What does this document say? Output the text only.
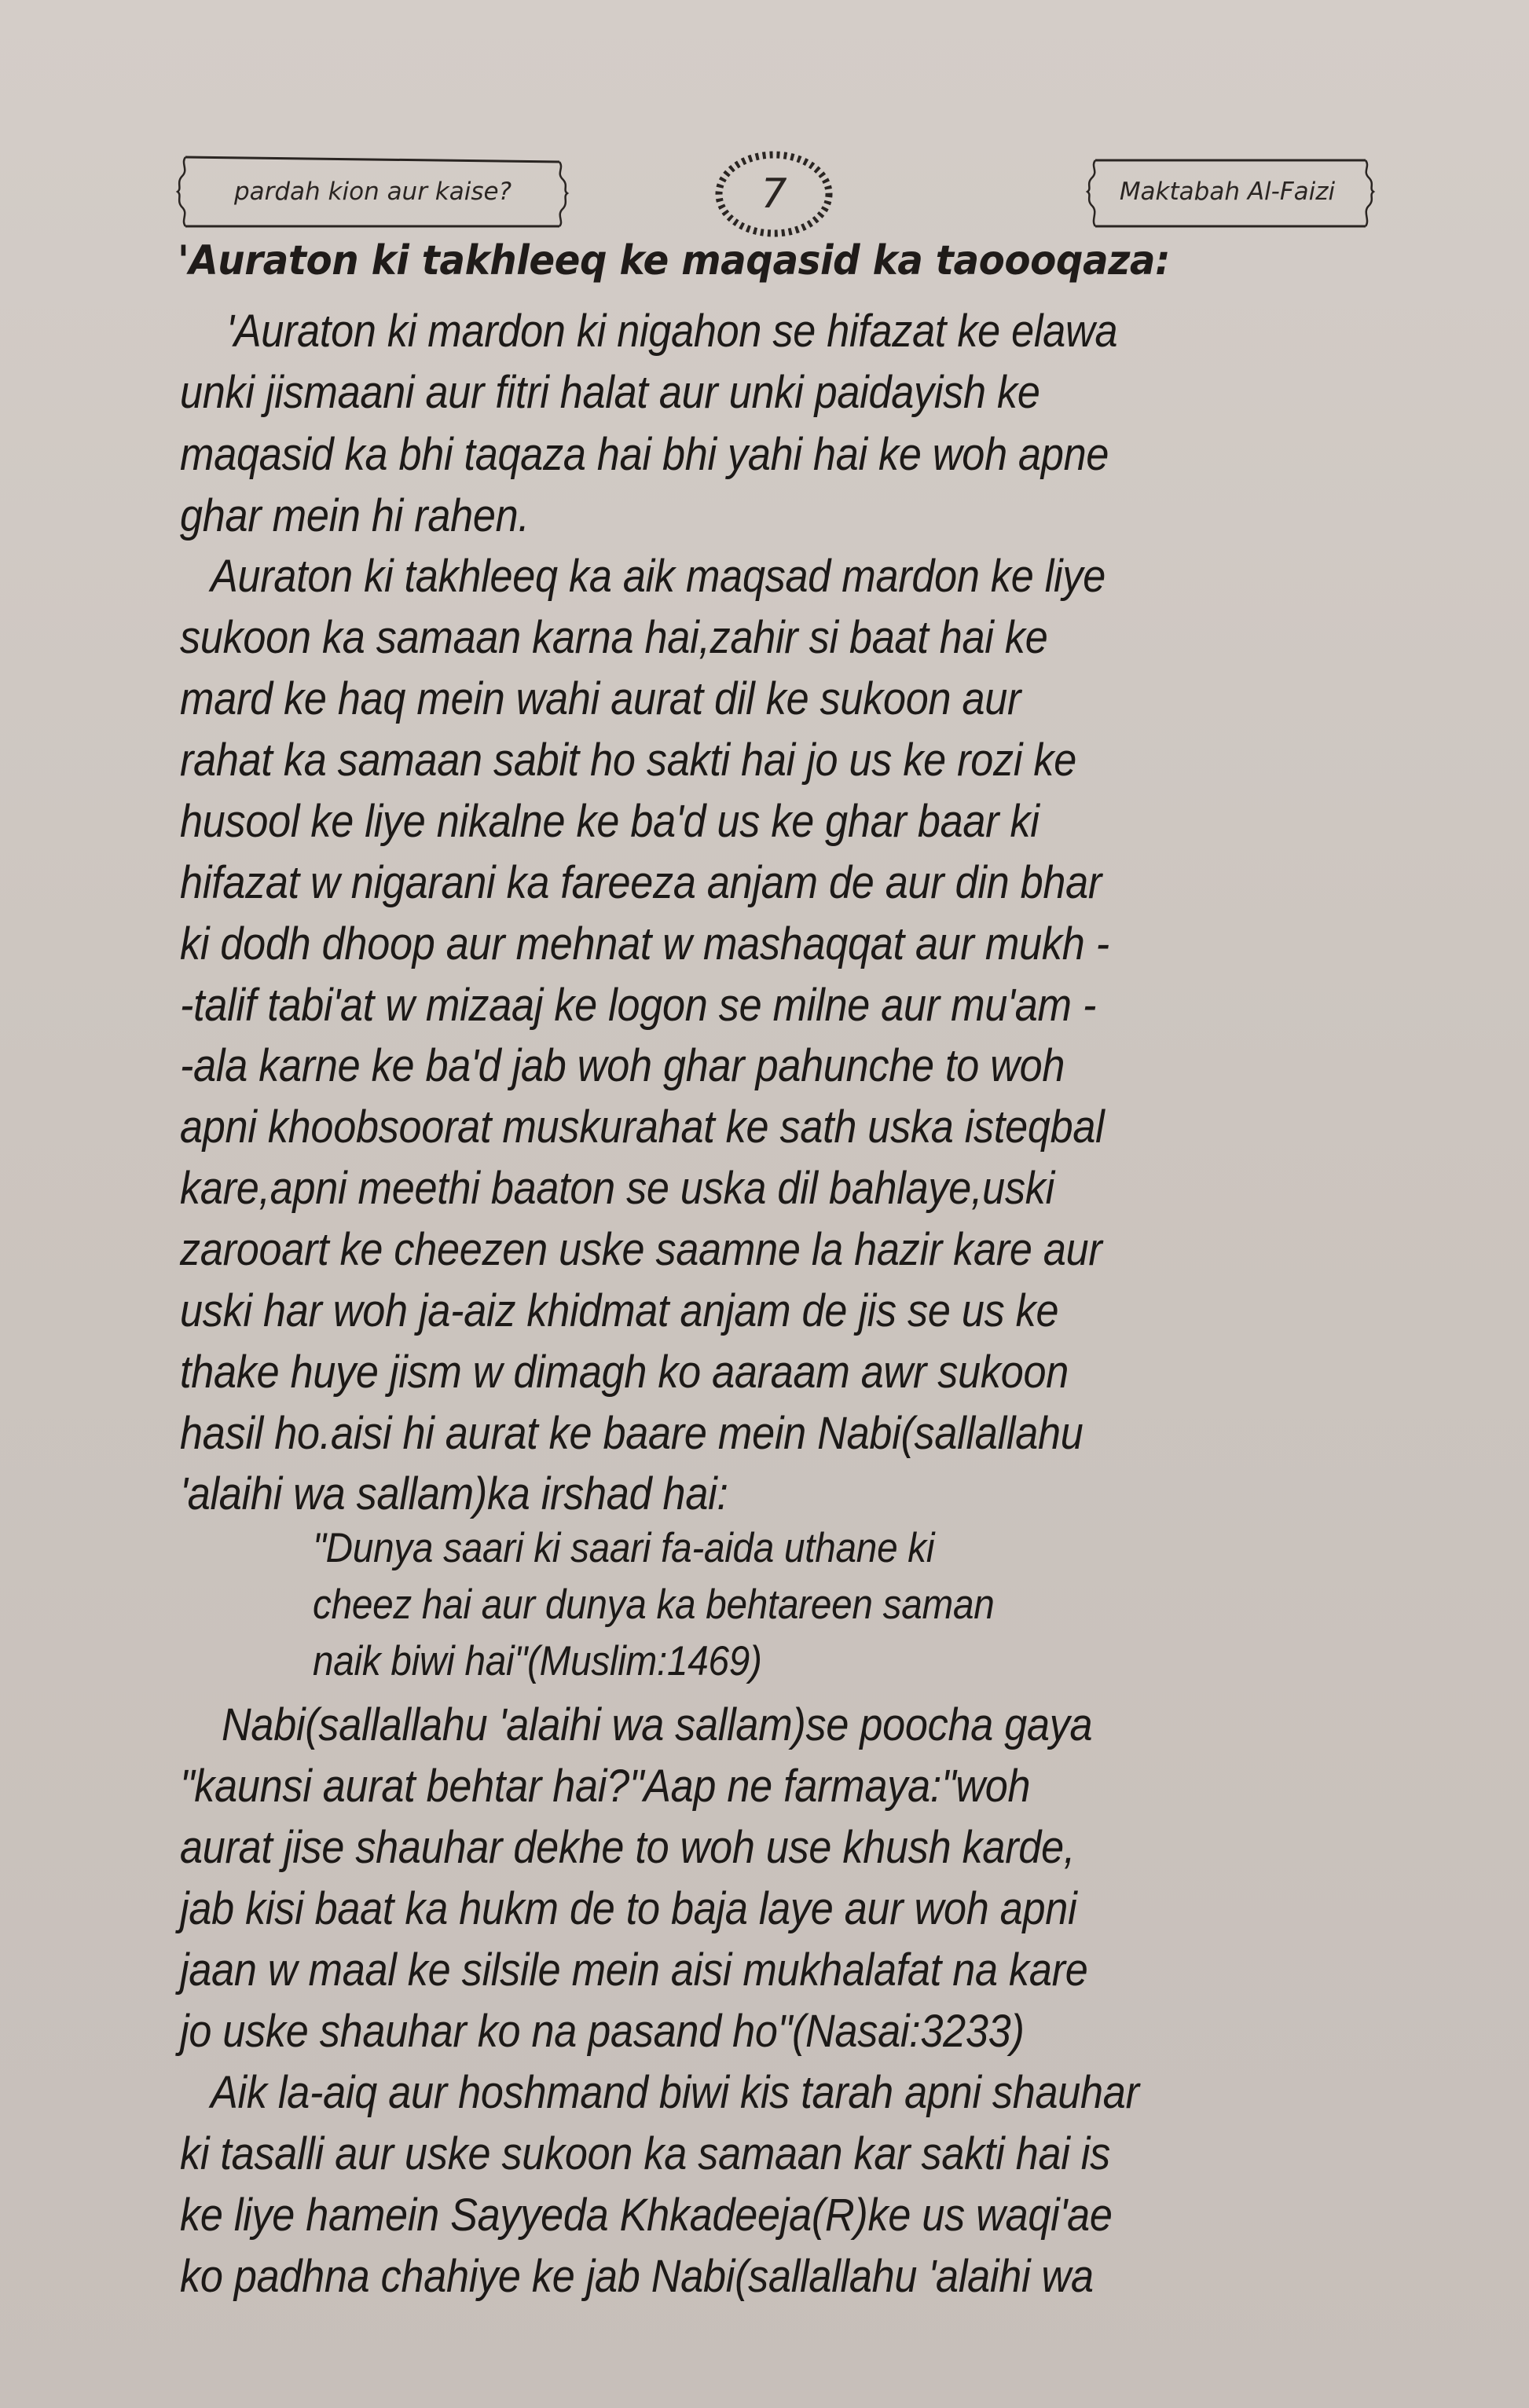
pardah kion aur kaise?	7	Maktabah Al-Faizi
'Auraton ki takhleeq ke maqasid ka taoooqaza:
'Auraton ki mardon ki nigahon se hifazat ke elawa
unki jismaani aur fitri halat aur unki paidayish ke
maqasid ka bhi taqaza hai bhi yahi hai ke woh apne
ghar mein hi rahen.
Auraton ki takhleeq ka aik maqsad mardon ke liye
sukoon ka samaan karna hai,zahir si baat hai ke
mard ke haq mein wahi aurat dil ke sukoon aur
rahat ka samaan sabit ho sakti hai jo us ke rozi ke
husool ke liye nikalne ke ba'd us ke ghar baar ki
hifazat w nigarani ka fareeza anjam de aur din bhar
ki dodh dhoop aur mehnat w mashaqqat aur mukh -
-talif tabi'at w mizaaj ke logon se milne aur mu'am -
-ala karne ke ba'd jab woh ghar pahunche to woh
apni khoobsoorat muskurahat ke sath uska isteqbal
kare,apni meethi baaton se uska dil bahlaye,uski
zarooart ke cheezen uske saamne la hazir kare aur
uski har woh ja-aiz khidmat anjam de jis se us ke
thake huye jism w dimagh ko aaraam awr sukoon
hasil ho.aisi hi aurat ke baare mein Nabi(sallallahu
'alaihi wa sallam)ka irshad hai:
"Dunya saari ki saari fa-aida uthane ki
cheez hai aur dunya ka behtareen saman
naik biwi hai"(Muslim:1469)
Nabi(sallallahu 'alaihi wa sallam)se poocha gaya
"kaunsi aurat behtar hai?"Aap ne farmaya:"woh
aurat jise shauhar dekhe to woh use khush karde,
jab kisi baat ka hukm de to baja laye aur woh apni
jaan w maal ke silsile mein aisi mukhalafat na kare
jo uske shauhar ko na pasand ho"(Nasai:3233)
Aik la-aiq aur hoshmand biwi kis tarah apni shauhar
ki tasalli aur uske sukoon ka samaan kar sakti hai is
ke liye hamein Sayyeda Khkadeeja(R)ke us waqi'ae
ko padhna chahiye ke jab Nabi(sallallahu 'alaihi wa
